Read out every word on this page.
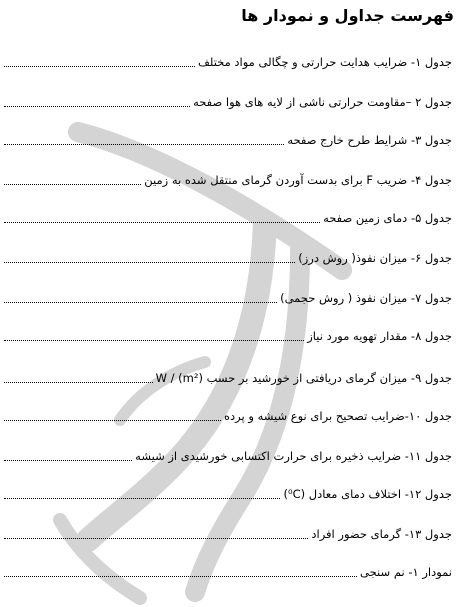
فهرست جداول و نمودار ها
جدول ۱- ضرایب هدایت حرارتی و چگالی مواد مختلف
جدول ۲ –مقاومت حرارتی ناشی از لایه های هوا صفحه
جدول ۳- شرایط طرح خارج صفحه
جدول ۴- ضریب F برای بدست آوردن گرمای منتقل شده به زمین
جدول ۵- دمای زمین صفحه
جدول ۶- میزان نفوذ( روش درز)
جدول ۷- میزان نفوذ ( روش حجمی)
جدول ۸- مقدار تهویه مورد نیاز
جدول ۹- میزان گرمای دریافتی از خورشید بر حسب (W / (m²
جدول ۱۰-ضرایب تصحیح برای نوع شیشه و پرده
جدول ۱۱- ضرایب ذخیره برای حرارت اکتسابی خورشیدی از شیشه
جدول ۱۲- اختلاف دمای معادل (⁰C)
جدول ۱۳- گرمای حضور افراد
نمودار ۱- نم سنجی
